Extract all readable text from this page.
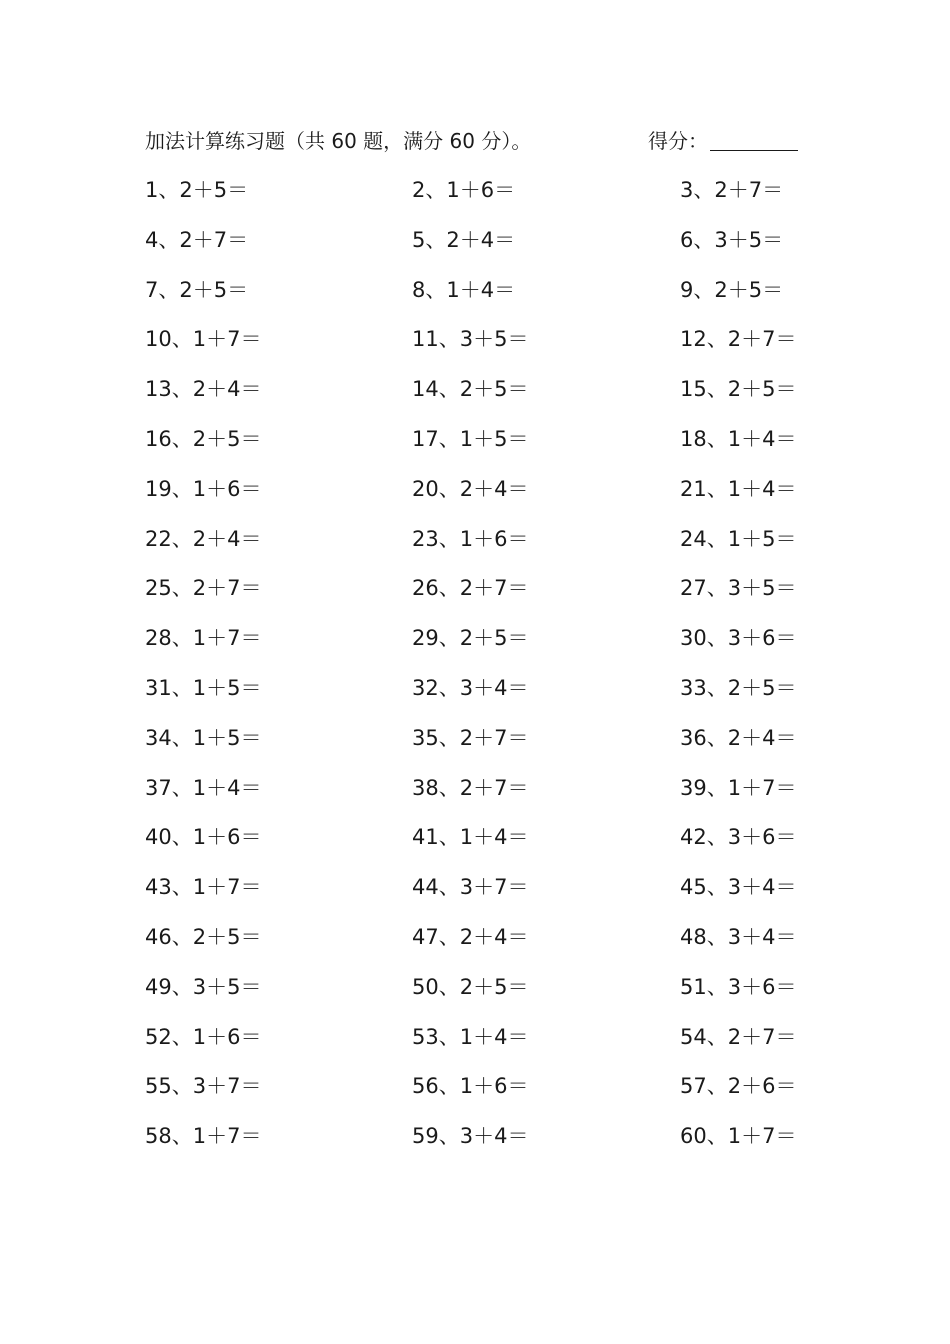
加法计算练习题（共 60 题，满分 60 分）。	得分：
1、2＋5＝	2、1＋6＝	3、2＋7＝
4、2＋7＝	5、2＋4＝	6、3＋5＝
7、2＋5＝	8、1＋4＝	9、2＋5＝
10、1＋7＝	11、3＋5＝	12、2＋7＝
13、2＋4＝	14、2＋5＝	15、2＋5＝
16、2＋5＝	17、1＋5＝	18、1＋4＝
19、1＋6＝	20、2＋4＝	21、1＋4＝
22、2＋4＝	23、1＋6＝	24、1＋5＝
25、2＋7＝	26、2＋7＝	27、3＋5＝
28、1＋7＝	29、2＋5＝	30、3＋6＝
31、1＋5＝	32、3＋4＝	33、2＋5＝
34、1＋5＝	35、2＋7＝	36、2＋4＝
37、1＋4＝	38、2＋7＝	39、1＋7＝
40、1＋6＝	41、1＋4＝	42、3＋6＝
43、1＋7＝	44、3＋7＝	45、3＋4＝
46、2＋5＝	47、2＋4＝	48、3＋4＝
49、3＋5＝	50、2＋5＝	51、3＋6＝
52、1＋6＝	53、1＋4＝	54、2＋7＝
55、3＋7＝	56、1＋6＝	57、2＋6＝
58、1＋7＝	59、3＋4＝	60、1＋7＝
